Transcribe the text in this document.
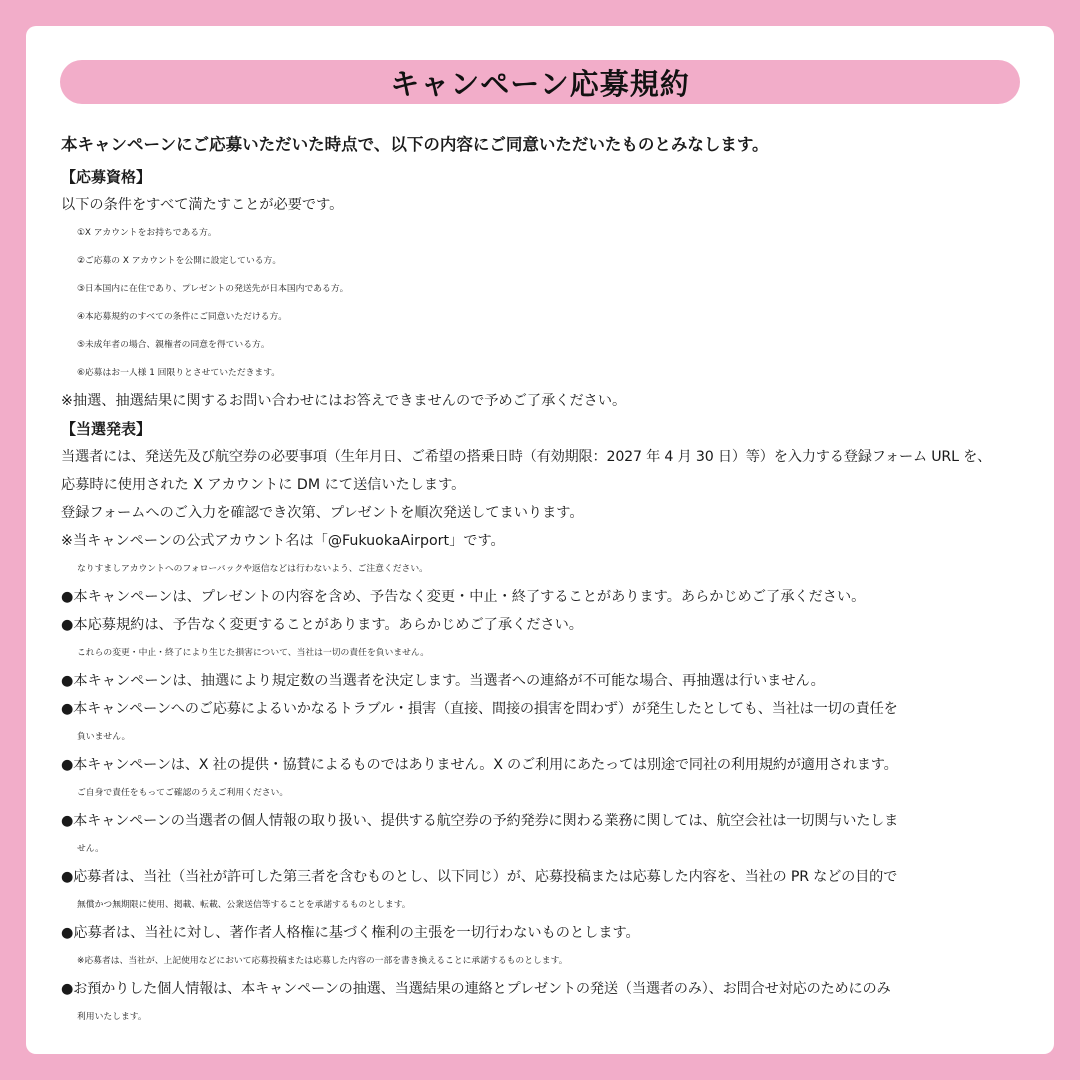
キャンペーン応募規約
本キャンペーンにご応募いただいた時点で、以下の内容にご同意いただいたものとみなします。
【応募資格】
以下の条件をすべて満たすことが必要です。
①X アカウントをお持ちである方。
②ご応募の X アカウントを公開に設定している方。
③日本国内に在住であり、プレゼントの発送先が日本国内である方。
④本応募規約のすべての条件にご同意いただける方。
⑤未成年者の場合、親権者の同意を得ている方。
⑥応募はお一人様 1 回限りとさせていただきます。
※抽選、抽選結果に関するお問い合わせにはお答えできませんので予めご了承ください。
【当選発表】
当選者には、発送先及び航空券の必要事項（生年月日、ご希望の搭乗日時（有効期限：2027 年 4 月 30 日）等）を入力する登録フォーム URL を、
応募時に使用された X アカウントに DM にて送信いたします。
登録フォームへのご入力を確認でき次第、プレゼントを順次発送してまいります。
※当キャンペーンの公式アカウント名は「@FukuokaAirport」です。
なりすましアカウントへのフォローバックや返信などは行わないよう、ご注意ください。
●本キャンペーンは、プレゼントの内容を含め、予告なく変更・中止・終了することがあります。あらかじめご了承ください。
●本応募規約は、予告なく変更することがあります。あらかじめご了承ください。
これらの変更・中止・終了により生じた損害について、当社は一切の責任を負いません。
●本キャンペーンは、抽選により規定数の当選者を決定します。当選者への連絡が不可能な場合、再抽選は行いません。
●本キャンペーンへのご応募によるいかなるトラブル・損害（直接、間接の損害を問わず）が発生したとしても、当社は一切の責任を
負いません。
●本キャンペーンは、X 社の提供・協賛によるものではありません。X のご利用にあたっては別途で同社の利用規約が適用されます。
ご自身で責任をもってご確認のうえご利用ください。
●本キャンペーンの当選者の個人情報の取り扱い、提供する航空券の予約発券に関わる業務に関しては、航空会社は一切関与いたしま
せん。
●応募者は、当社（当社が許可した第三者を含むものとし、以下同じ）が、応募投稿または応募した内容を、当社の PR などの目的で
無償かつ無期限に使用、掲載、転載、公衆送信等することを承諾するものとします。
●応募者は、当社に対し、著作者人格権に基づく権利の主張を一切行わないものとします。
※応募者は、当社が、上記使用などにおいて応募投稿または応募した内容の一部を書き換えることに承諾するものとします。
●お預かりした個人情報は、本キャンペーンの抽選、当選結果の連絡とプレゼントの発送（当選者のみ）、お問合せ対応のためにのみ
利用いたします。
